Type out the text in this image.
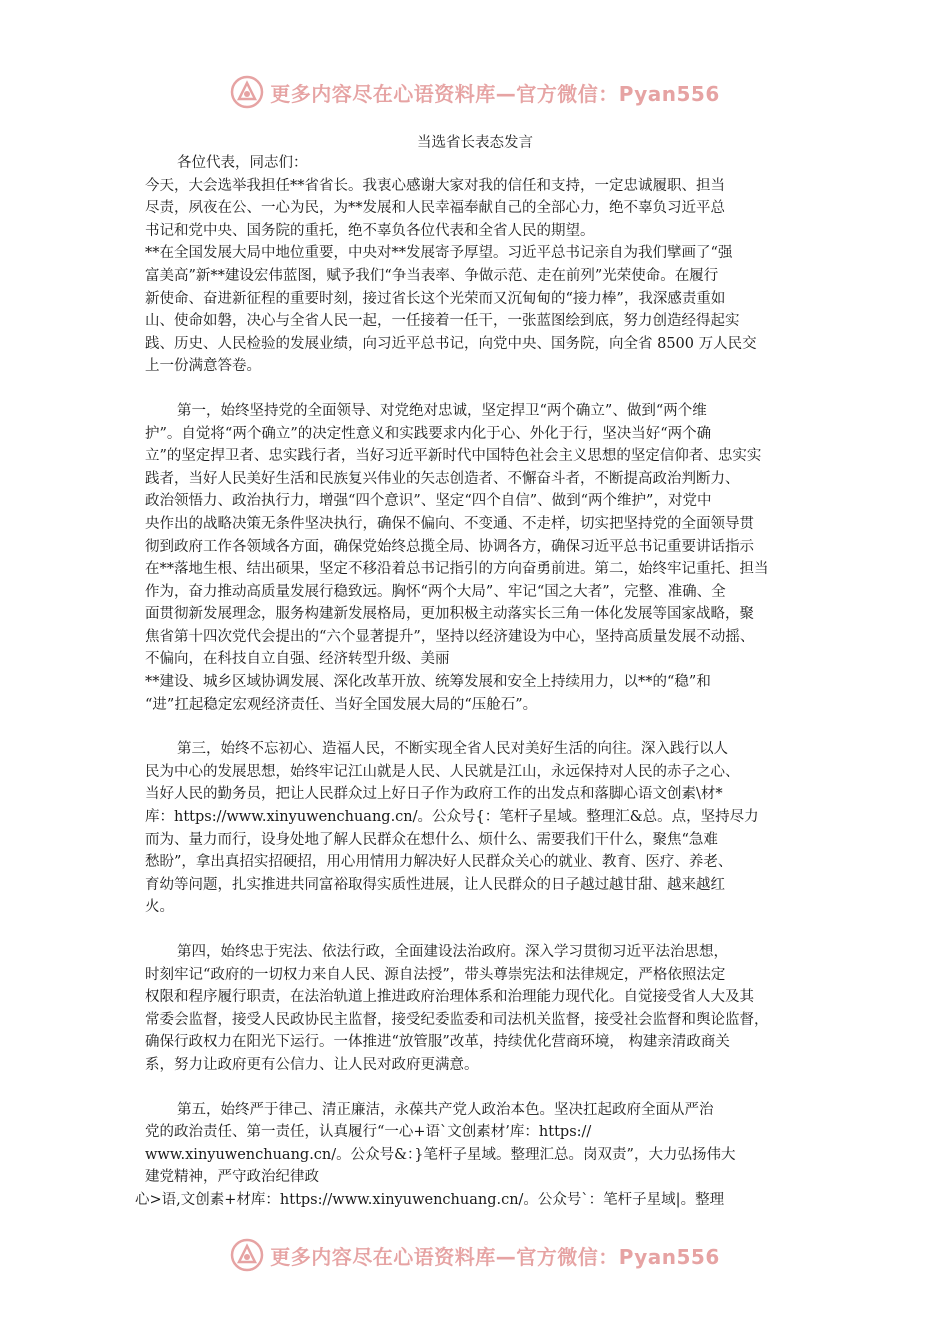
更多内容尽在心语资料库—官方微信：Pyan556
当选省长表态发言

各位代表，同志们：

今天，大会选举我担任**省省长。我衷心感谢大家对我的信任和支持，一定忠诚履职、担当
尽责，夙夜在公、一心为民，为**发展和人民幸福奉献自己的全部心力，绝不辜负习近平总
书记和党中央、国务院的重托，绝不辜负各位代表和全省人民的期望。

**在全国发展大局中地位重要，中央对**发展寄予厚望。习近平总书记亲自为我们擘画了“强
富美高”新**建设宏伟蓝图，赋予我们“争当表率、争做示范、走在前列”光荣使命。在履行
新使命、奋进新征程的重要时刻，接过省长这个光荣而又沉甸甸的“接力棒”，我深感责重如
山、使命如磐，决心与全省人民一起，一任接着一任干，一张蓝图绘到底，努力创造经得起实
践、历史、人民检验的发展业绩，向习近平总书记，向党中央、国务院，向全省 8500 万人民交
上一份满意答卷。

第一，始终坚持党的全面领导、对党绝对忠诚，坚定捍卫“两个确立”、做到“两个维
护”。自觉将“两个确立”的决定性意义和实践要求内化于心、外化于行，坚决当好“两个确
立”的坚定捍卫者、忠实践行者，当好习近平新时代中国特色社会主义思想的坚定信仰者、忠实实
践者，当好人民美好生活和民族复兴伟业的矢志创造者、不懈奋斗者，不断提高政治判断力、
政治领悟力、政治执行力，增强“四个意识”、坚定“四个自信”、做到“两个维护”，对党中
央作出的战略决策无条件坚决执行，确保不偏向、不变通、不走样，切实把坚持党的全面领导贯
彻到政府工作各领域各方面，确保党始终总揽全局、协调各方，确保习近平总书记重要讲话指示
在**落地生根、结出硕果，坚定不移沿着总书记指引的方向奋勇前进。第二，始终牢记重托、担当
作为，奋力推动高质量发展行稳致远。胸怀“两个大局”、牢记“国之大者”，完整、准确、全
面贯彻新发展理念，服务构建新发展格局，更加积极主动落实长三角一体化发展等国家战略，聚
焦省第十四次党代会提出的“六个显著提升”，坚持以经济建设为中心，坚持高质量发展不动摇、
不偏向，在科技自立自强、经济转型升级、美丽
**建设、城乡区域协调发展、深化改革开放、统筹发展和安全上持续用力，以**的“稳”和
“进”扛起稳定宏观经济责任、当好全国发展大局的“压舱石”。

第三，始终不忘初心、造福人民，不断实现全省人民对美好生活的向往。深入践行以人
民为中心的发展思想，始终牢记江山就是人民、人民就是江山，永远保持对人民的赤子之心、
当好人民的勤务员，把让人民群众过上好日子作为政府工作的出发点和落脚心语文创素\材*
库：https://www.xinyuwenchuang.cn/。公众号{：笔杆子星域。整理汇&总。点，坚持尽力
而为、量力而行，设身处地了解人民群众在想什么、烦什么、需要我们干什么，聚焦“急难
愁盼”，拿出真招实招硬招，用心用情用力解决好人民群众关心的就业、教育、医疗、养老、
育幼等问题，扎实推进共同富裕取得实质性进展，让人民群众的日子越过越甘甜、越来越红
火。

第四，始终忠于宪法、依法行政，全面建设法治政府。深入学习贯彻习近平法治思想，
时刻牢记“政府的一切权力来自人民、源自法授”，带头尊崇宪法和法律规定，严格依照法定
权限和程序履行职责，在法治轨道上推进政府治理体系和治理能力现代化。自觉接受省人大及其
常委会监督，接受人民政协民主监督，接受纪委监委和司法机关监督，接受社会监督和舆论监督，
确保行政权力在阳光下运行。一体推进“放管服”改革，持续优化营商环境， 构建亲清政商关
系，努力让政府更有公信力、让人民对政府更满意。

第五，始终严于律己、清正廉洁，永葆共产党人政治本色。坚决扛起政府全面从严治
党的政治责任、第一责任，认真履行“一心+语`文创素材’库：https://
www.xinyuwenchuang.cn/。公众号&：}笔杆子星域。整理汇总。岗双责”，大力弘扬伟大
建党精神，严守政治纪律政
心>语,文创素+材库：https://www.xinyuwenchuang.cn/。公众号`：笔杆子星域|。整理

更多内容尽在心语资料库—官方微信：Pyan556
